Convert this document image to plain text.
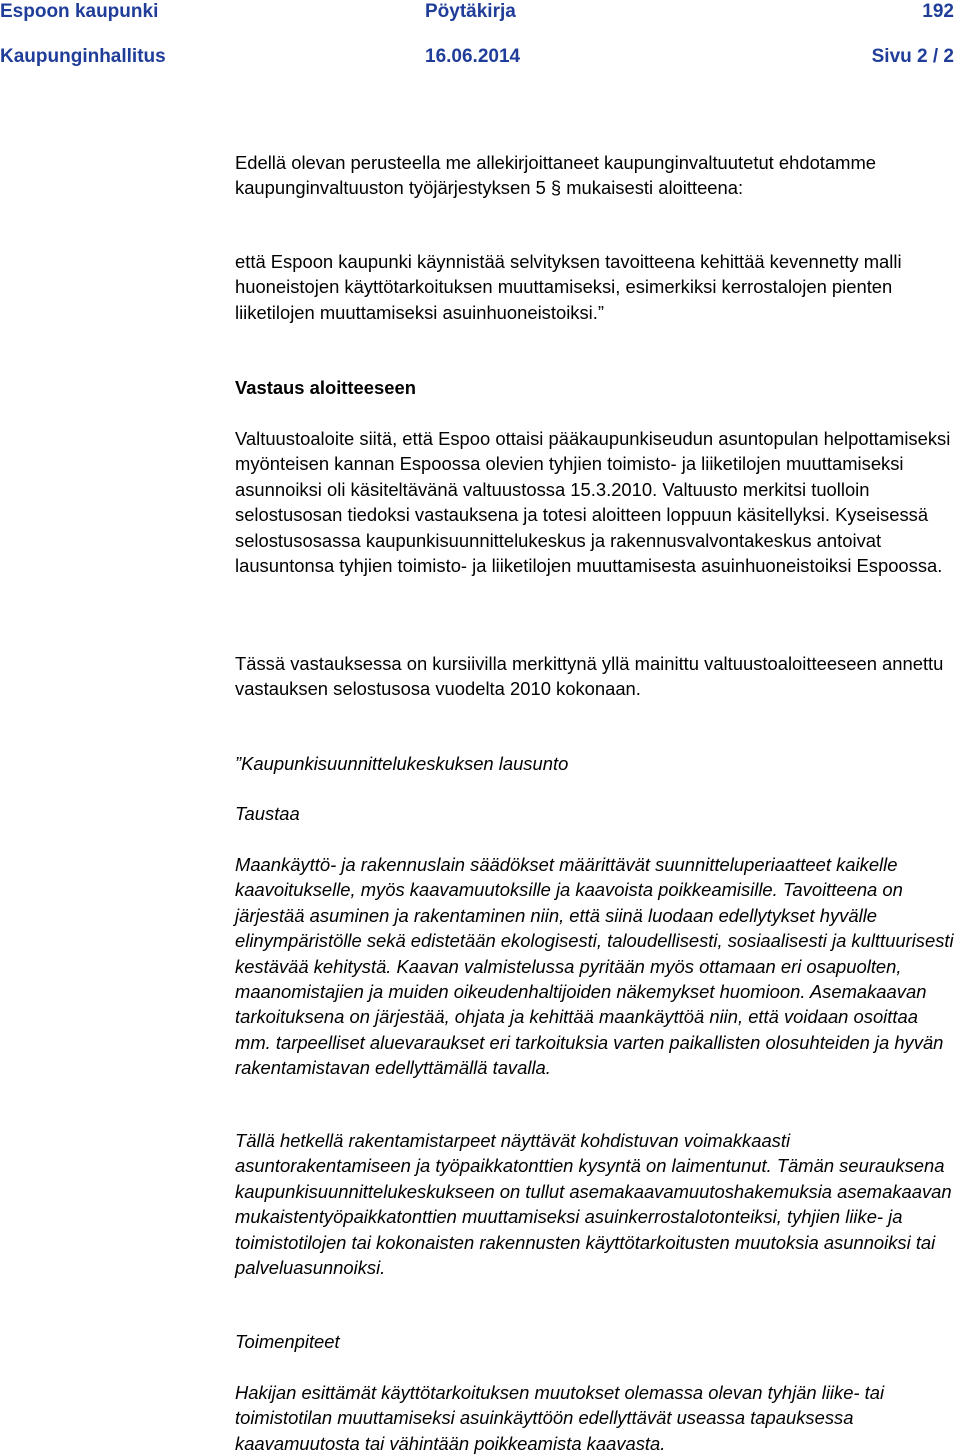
Espoon kaupunki	Pöytäkirja	192
Kaupunginhallitus	16.06.2014	Sivu 2 / 2

Edellä olevan perusteella me allekirjoittaneet kaupunginvaltuutetut ehdotamme kaupunginvaltuuston työjärjestyksen 5 § mukaisesti aloitteena:

että Espoon kaupunki käynnistää selvityksen tavoitteena kehittää kevennetty malli huoneistojen käyttötarkoituksen muuttamiseksi, esimerkiksi kerrostalojen pienten liiketilojen muuttamiseksi asuinhuoneistoiksi.”

Vastaus aloitteeseen

Valtuustoaloite siitä, että Espoo ottaisi pääkaupunkiseudun asuntopulan helpottamiseksi myönteisen kannan Espoossa olevien tyhjien toimisto- ja liiketilojen muuttamiseksi asunnoiksi oli käsiteltävänä valtuustossa 15.3.2010. Valtuusto merkitsi tuolloin selostusosan tiedoksi vastauksena ja totesi aloitteen loppuun käsitellyksi. Kyseisessä selostusosassa kaupunkisuunnittelukeskus ja rakennusvalvontakeskus antoivat lausuntonsa tyhjien toimisto- ja liiketilojen muuttamisesta asuinhuoneistoiksi Espoossa.

Tässä vastauksessa on kursiivilla merkittynä yllä mainittu valtuustoaloitteeseen annettu vastauksen selostusosa vuodelta 2010 kokonaan.

”Kaupunkisuunnittelukeskuksen lausunto
Taustaa

Maankäyttö- ja rakennuslain säädökset määrittävät suunnitteluperiaatteet kaikelle kaavoitukselle, myös kaavamuutoksille ja kaavoista poikkeamisille. Tavoitteena on järjestää asuminen ja rakentaminen niin, että siinä luodaan edellytykset hyvälle elinympäristölle sekä edistetään ekologisesti, taloudellisesti, sosiaalisesti ja kulttuurisesti kestävää kehitystä. Kaavan valmistelussa pyritään myös ottamaan eri osapuolten, maanomistajien ja muiden oikeudenhaltijoiden näkemykset huomioon. Asemakaavan tarkoituksena on järjestää, ohjata ja kehittää maankäyttöä niin, että voidaan osoittaa mm. tarpeelliset aluevaraukset eri tarkoituksia varten paikallisten olosuhteiden ja hyvän rakentamistavan edellyttämällä tavalla.

Tällä hetkellä rakentamistarpeet näyttävät kohdistuvan voimakkaasti asuntorakentamiseen ja työpaikkatonttien kysyntä on laimentunut. Tämän seurauksena kaupunkisuunnittelukeskukseen on tullut asemakaavamuutoshakemuksia asemakaavan mukaistentyöpaikkatonttien muuttamiseksi asuinkerrostalotonteiksi, tyhjien liike- ja toimistotilojen tai kokonaisten rakennusten käyttötarkoitusten muutoksia asunnoiksi tai palveluasunnoiksi.

Toimenpiteet

Hakijan esittämät käyttötarkoituksen muutokset olemassa olevan tyhjän liike- tai toimistotilan muuttamiseksi asuinkäyttöön edellyttävät useassa tapauksessa kaavamuutosta tai vähintään poikkeamista kaavasta.
